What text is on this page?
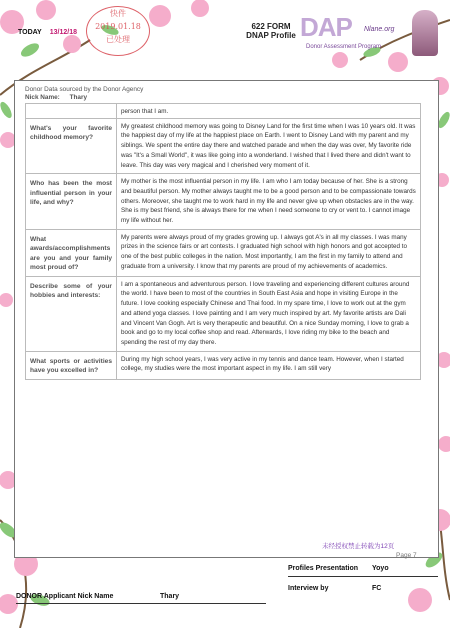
TODAY 13/12/18
快件
2019.01.18
已处理
622 FORM
DNAP Profile DAP	Nlane.org
Donor Assessment Program
Donor Data sourced by the Donor Agency
Nick Name: Thary
	person that I am.
What's your favorite childhood memory?	My greatest childhood memory was going to Disney Land for the first time when I was 10 years old. It was the happiest day of my life at the happiest place on Earth. I went to Disney Land with my parent and my siblings. We spent the entire day there and watched parade and when the day was over, My favorite ride was "It's a Small World", it was like going into a wonderland. I wished that I lived there and didn't want to leave. This day was very magical and I cherished very moment of it.
Who has been the most influential person in your life, and why?	My mother is the most influential person in my life. I am who I am today because of her. She is a strong and beautiful person. My mother always taught me to be a good person and to be compassionate towards others. Moreover, she taught me to work hard in my life and never give up when obstacles are in the way. She is my best friend, she is always there for me when I need someone to cry or vent to. I cannot image my life without her.
What awards/accomplishments are you and your family most proud of?	My parents were always proud of my grades growing up. I always got A's in all my classes. I was many prizes in the science fairs or art contests. I graduated high school with high honors and got accepted to one of the best public colleges in the nation. Most importantly, I am the first in my family to attend and graduate from a university. I know that my parents are proud of my achievements of academics.
Describe some of your hobbies and interests:	I am a spontaneous and adventurous person. I love traveling and experiencing different cultures around the world. I have been to most of the countries in South East Asia and hope in visiting Europe in the future. I love cooking especially Chinese and Thai food. In my spare time, I love to work out at the gym and attend yoga classes. I love painting and I am very much inspired by art. My favorite artists are Dali and Vincent Van Gogh. Art is very therapeutic and beautiful. On a nice Sunday morning, I love to grab a book and go to my local coffee shop and read. Afterwards, I love riding my bike to the beach and spending the rest of my day there.
What sports or activities have you excelled in?	During my high school years, I was very active in my tennis and dance team. However, when I started college, my studies were the most important aspect in my life. I am still very
未经授权禁止转载为12页
Page 7
Profiles Presentation Yoyo
Interview by	FC
DONOR Applicant Nick Name	Thary
